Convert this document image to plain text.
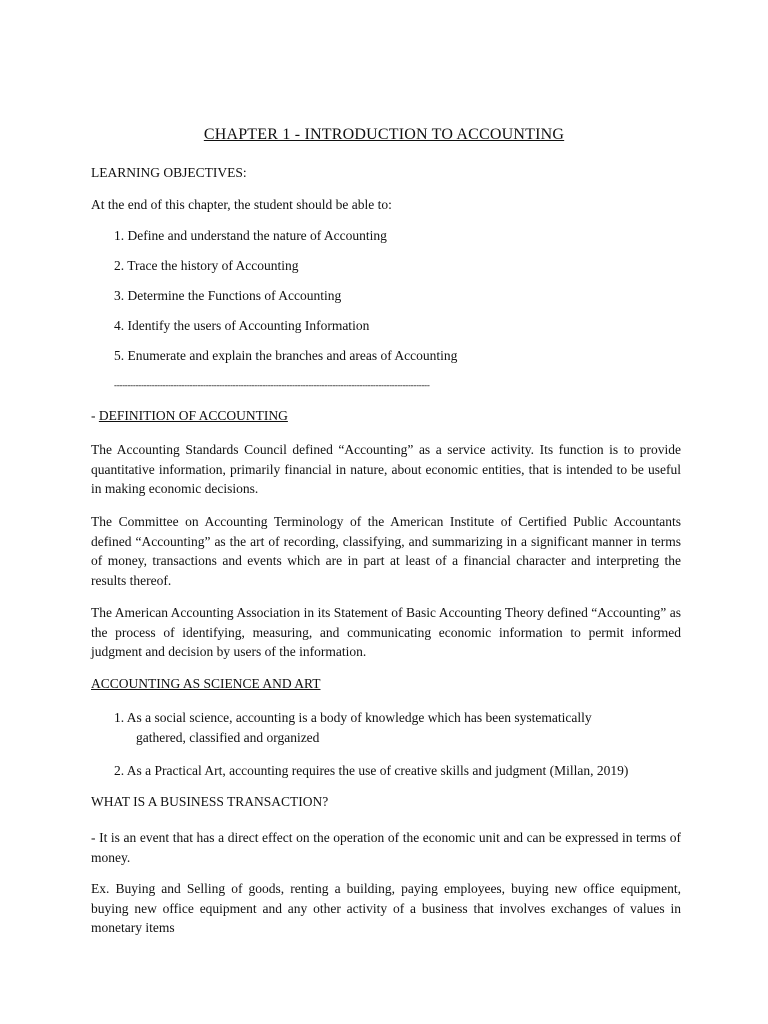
CHAPTER 1 - INTRODUCTION TO ACCOUNTING
LEARNING OBJECTIVES:
At the end of this chapter, the student should be able to:
1. Define and understand the nature of Accounting
2. Trace the history of Accounting
3. Determine the Functions of Accounting
4. Identify the users of Accounting Information
5. Enumerate and explain the branches and areas of Accounting
---------------------------------------------------------------------------------------------------------------------
- DEFINITION OF ACCOUNTING
The Accounting Standards Council defined “Accounting” as a service activity. Its function is to provide quantitative information, primarily financial in nature, about economic entities, that is intended to be useful in making economic decisions.
The Committee on Accounting Terminology of the American Institute of Certified Public Accountants defined “Accounting” as the art of recording, classifying, and summarizing in a significant manner in terms of money, transactions and events which are in part at least of a financial character and interpreting the results thereof.
The American Accounting Association in its Statement of Basic Accounting Theory defined “Accounting” as the process of identifying, measuring, and communicating economic information to permit informed judgment and decision by users of the information.
ACCOUNTING AS SCIENCE AND ART
1. As a social science, accounting is a body of knowledge which has been systematically
gathered, classified and organized
2. As a Practical Art, accounting requires the use of creative skills and judgment (Millan, 2019)
WHAT IS A BUSINESS TRANSACTION?
- It is an event that has a direct effect on the operation of the economic unit and can be expressed in terms of money.
Ex. Buying and Selling of goods, renting a building, paying employees, buying new office equipment, buying new office equipment and any other activity of a business that involves exchanges of values in monetary items
